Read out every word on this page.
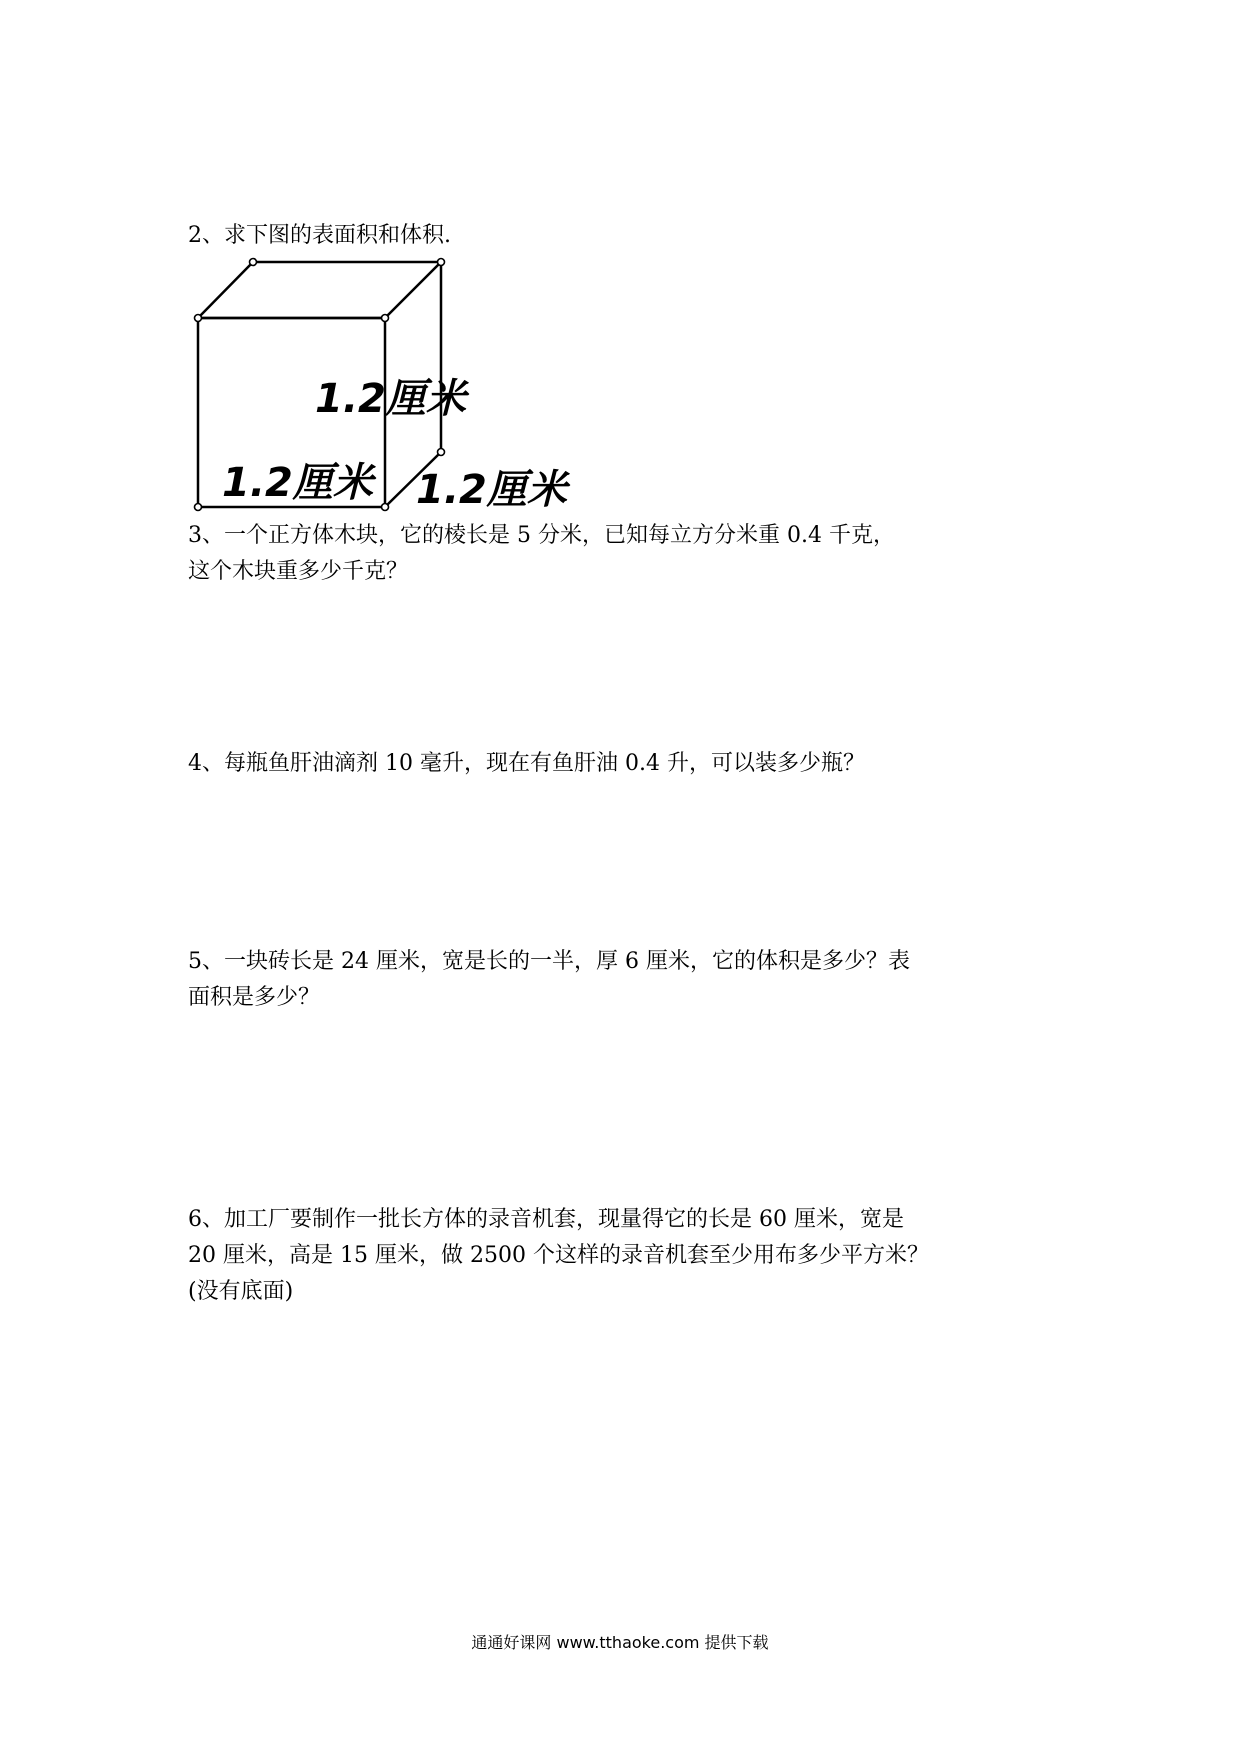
2、求下图的表面积和体积.
1.2厘米
1.2厘米 1.2厘米
3、一个正方体木块，它的棱长是 5 分米，已知每立方分米重 0.4 千克，
这个木块重多少千克？
4、每瓶鱼肝油滴剂 10 毫升，现在有鱼肝油 0.4 升，可以装多少瓶？
5、一块砖长是 24 厘米，宽是长的一半，厚 6 厘米，它的体积是多少？表
面积是多少？
6、加工厂要制作一批长方体的录音机套，现量得它的长是 60 厘米，宽是
20 厘米，高是 15 厘米，做 2500 个这样的录音机套至少用布多少平方米？
(没有底面)
通通好课网 www.tthaoke.com 提供下载
